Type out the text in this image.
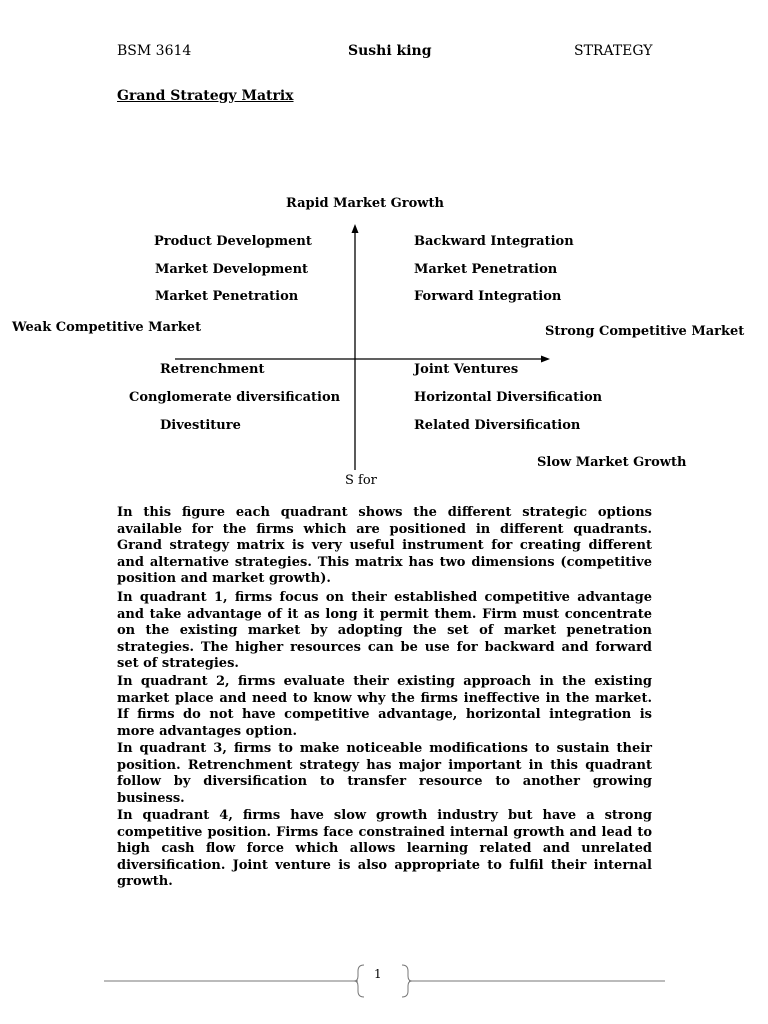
BSM 3614	Sushi king	STRATEGY
Grand Strategy Matrix
Rapid Market Growth
Weak Competitive Market	Strong Competitive Market
Slow Market Growth
S for
Product Development
Market Development
Market Penetration
Backward Integration
Market Penetration
Forward Integration
Retrenchment
Conglomerate diversification
Divestiture
Joint Ventures
Horizontal Diversification
Related Diversification

In this figure each quadrant shows the different strategic options available for the firms which are positioned in different quadrants. Grand strategy matrix is very useful instrument for creating different and alternative strategies. This matrix has two dimensions (competitive position and market growth).

In quadrant 1, firms focus on their established competitive advantage and take advantage of it as long it permit them. Firm must concentrate on the existing market by adopting the set of market penetration strategies. The higher resources can be use for backward and forward set of strategies.

In quadrant 2, firms evaluate their existing approach in the existing market place and need to know why the firms ineffective in the market. If firms do not have competitive advantage, horizontal integration is more advantages option.

In quadrant 3, firms to make noticeable modifications to sustain their position. Retrenchment strategy has major important in this quadrant follow by diversification to transfer resource to another growing business.

In quadrant 4, firms have slow growth industry but have a strong competitive position. Firms face constrained internal growth and lead to high cash flow force which allows learning related and unrelated diversification. Joint venture is also appropriate to fulfil their internal growth.

1
